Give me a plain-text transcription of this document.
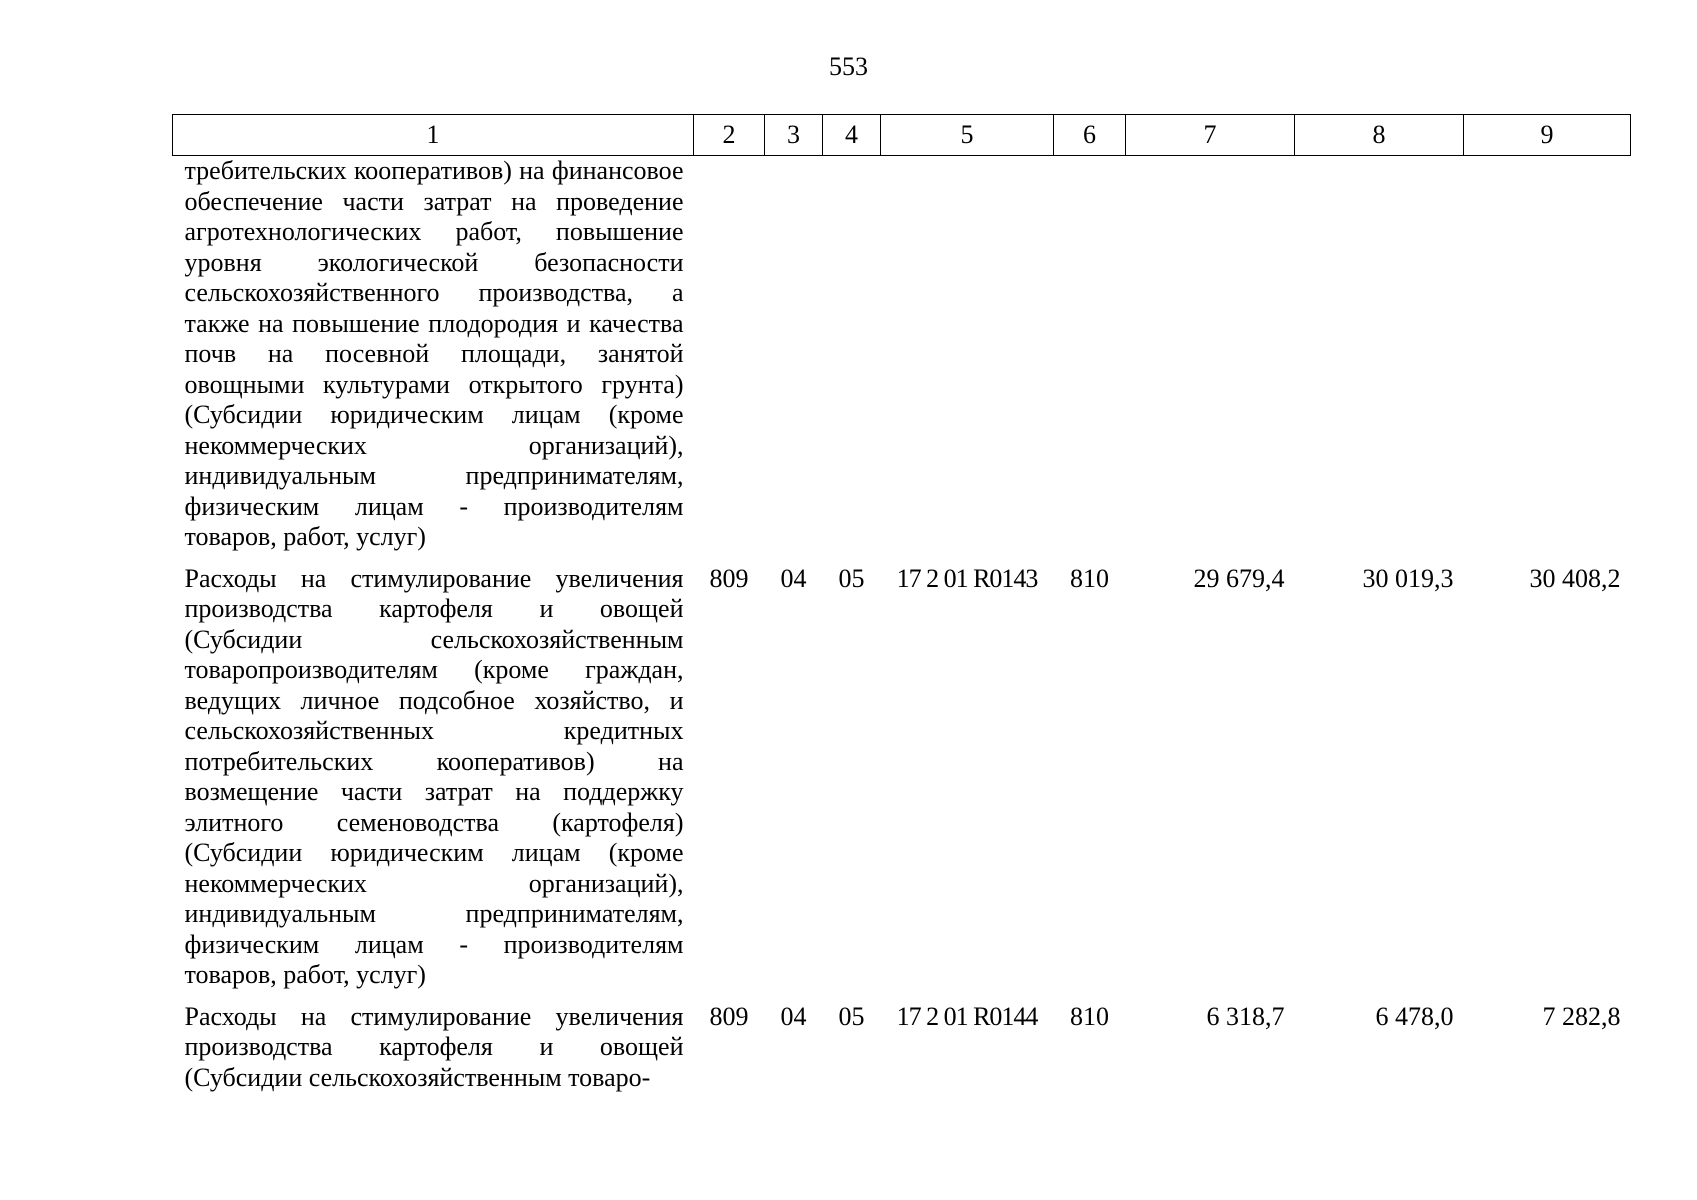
553
1	2	3	4	5	6	7	8	9
требительских кооперативов) на финансовое обеспечение части затрат на проведение агротехнологических работ, повышение уровня экологической безопасности сельскохозяйственного производства, а также на повышение плодородия и качества почв на посевной площади, занятой овощными культурами открытого грунта) (Субсидии юридическим лицам (кроме некоммерческих организаций), индивидуальным предпринимателям, физическим лицам - производителям товаров, работ, услуг)								
Расходы на стимулирование увеличения производства картофеля и овощей (Субсидии сельскохозяйственным товаропроизводителям (кроме граждан, ведущих личное подсобное хозяйство, и сельскохозяйственных кредитных потребительских кооперативов) на возмещение части затрат на поддержку элитного семеноводства (картофеля) (Субсидии юридическим лицам (кроме некоммерческих организаций), индивидуальным предпринимателям, физическим лицам - производителям товаров, работ, услуг)	809	04	05	17 2 01 R0143	810	29 679,4	30 019,3	30 408,2
Расходы на стимулирование увеличения производства картофеля и овощей (Субсидии сельскохозяйственным товаро-	809	04	05	17 2 01 R0144	810	6 318,7	6 478,0	7 282,8
